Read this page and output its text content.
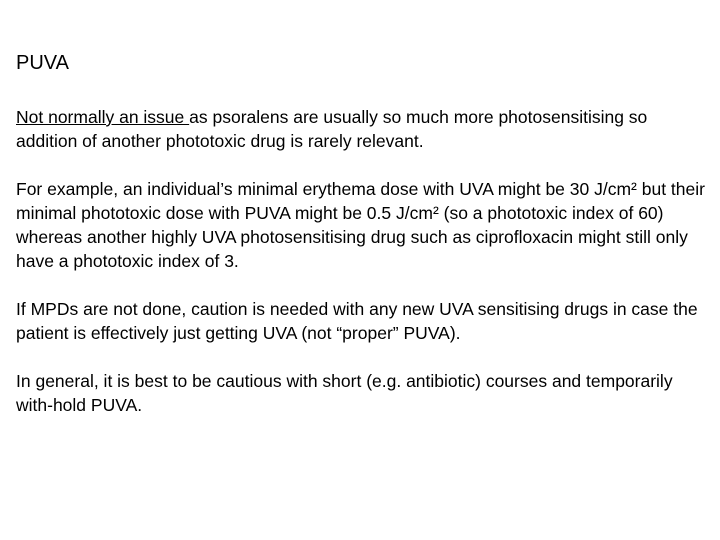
PUVA

Not normally an issue as psoralens are usually so much more photosensitising so addition of another phototoxic drug is rarely relevant.

For example, an individual’s minimal erythema dose with UVA might be 30 J/cm² but their minimal phototoxic dose with PUVA might be 0.5 J/cm² (so a phototoxic index of 60) whereas another highly UVA photosensitising drug such as ciprofloxacin might still only have a phototoxic index of 3.

If MPDs are not done, caution is needed with any new UVA sensitising drugs in case the patient is effectively just getting UVA (not “proper” PUVA).

In general, it is best to be cautious with short (e.g. antibiotic) courses and temporarily with-hold PUVA.
